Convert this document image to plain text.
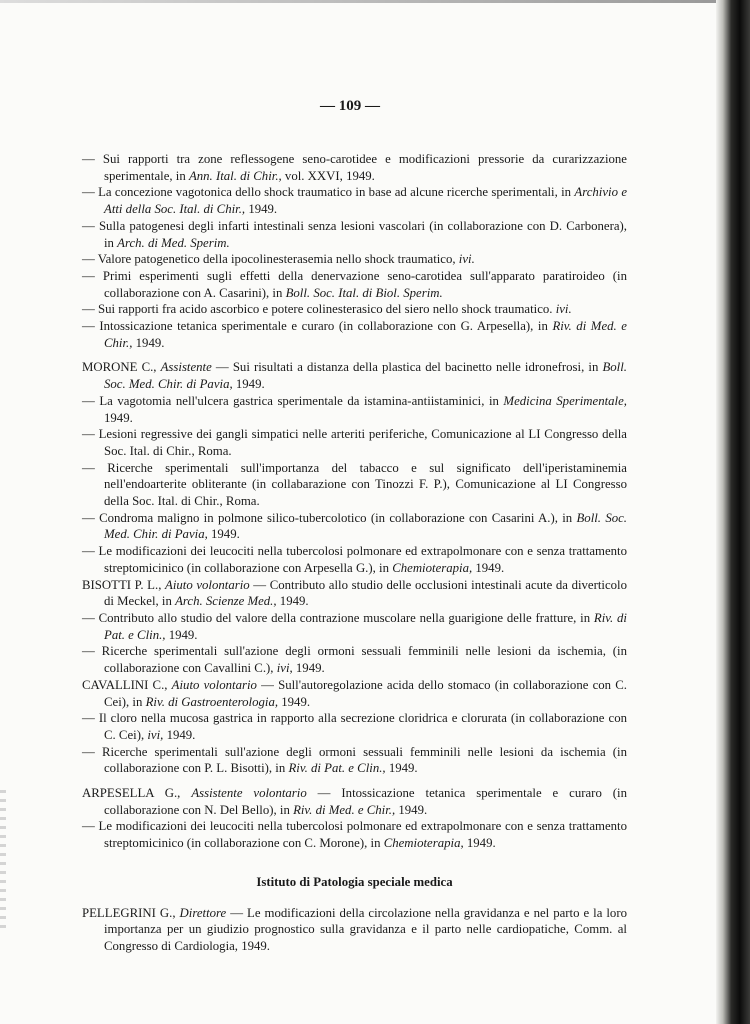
— 109 —

— Sui rapporti tra zone reflessogene seno-carotidee e modificazioni pressorie da curarizzazione sperimentale, in Ann. Ital. di Chir., vol. XXVI, 1949.

— La concezione vagotonica dello shock traumatico in base ad alcune ricerche sperimentali, in Archivio e Atti della Soc. Ital. di Chir., 1949.

— Sulla patogenesi degli infarti intestinali senza lesioni vascolari (in collaborazione con D. Carbonera), in Arch. di Med. Sperim.

— Valore patogenetico della ipocolinesterasemia nello shock traumatico, ivi.

— Primi esperimenti sugli effetti della denervazione seno-carotidea sull'apparato paratiroideo (in collaborazione con A. Casarini), in Boll. Soc. Ital. di Biol. Sperim.

— Sui rapporti fra acido ascorbico e potere colinesterasico del siero nello shock traumatico. ivi.

— Intossicazione tetanica sperimentale e curaro (in collaborazione con G. Arpesella), in Riv. di Med. e Chir., 1949.

MORONE C., Assistente — Sui risultati a distanza della plastica del bacinetto nelle idronefrosi, in Boll. Soc. Med. Chir. di Pavia, 1949.

— La vagotomia nell'ulcera gastrica sperimentale da istamina-antiistaminici, in Medicina Sperimentale, 1949.

— Lesioni regressive dei gangli simpatici nelle arteriti periferiche, Comunicazione al LI Congresso della Soc. Ital. di Chir., Roma.

— Ricerche sperimentali sull'importanza del tabacco e sul significato dell'iperistaminemia nell'endoarterite obliterante (in collabarazione con Tinozzi F. P.), Comunicazione al LI Congresso della Soc. Ital. di Chir., Roma.

— Condroma maligno in polmone silico-tubercolotico (in collaborazione con Casarini A.), in Boll. Soc. Med. Chir. di Pavia, 1949.

— Le modificazioni dei leucociti nella tubercolosi polmonare ed extrapolmonare con e senza trattamento streptomicinico (in collaborazione con Arpesella G.), in Chemioterapia, 1949.

BISOTTI P. L., Aiuto volontario — Contributo allo studio delle occlusioni intestinali acute da diverticolo di Meckel, in Arch. Scienze Med., 1949.

— Contributo allo studio del valore della contrazione muscolare nella guarigione delle fratture, in Riv. di Pat. e Clin., 1949.

— Ricerche sperimentali sull'azione degli ormoni sessuali femminili nelle lesioni da ischemia, (in collaborazione con Cavallini C.), ivi, 1949.

CAVALLINI C., Aiuto volontario — Sull'autoregolazione acida dello stomaco (in collaborazione con C. Cei), in Riv. di Gastroenterologia, 1949.

— Il cloro nella mucosa gastrica in rapporto alla secrezione cloridrica e clorurata (in collaborazione con C. Cei), ivi, 1949.

— Ricerche sperimentali sull'azione degli ormoni sessuali femminili nelle lesioni da ischemia (in collaborazione con P. L. Bisotti), in Riv. di Pat. e Clin., 1949.

ARPESELLA G., Assistente volontario — Intossicazione tetanica sperimentale e curaro (in collaborazione con N. Del Bello), in Riv. di Med. e Chir., 1949.

— Le modificazioni dei leucociti nella tubercolosi polmonare ed extrapolmonare con e senza trattamento streptomicinico (in collaborazione con C. Morone), in Chemioterapia, 1949.

Istituto di Patologia speciale medica

PELLEGRINI G., Direttore — Le modificazioni della circolazione nella gravidanza e nel parto e la loro importanza per un giudizio prognostico sulla gravidanza e il parto nelle cardiopatiche, Comm. al Congresso di Cardiologia, 1949.
